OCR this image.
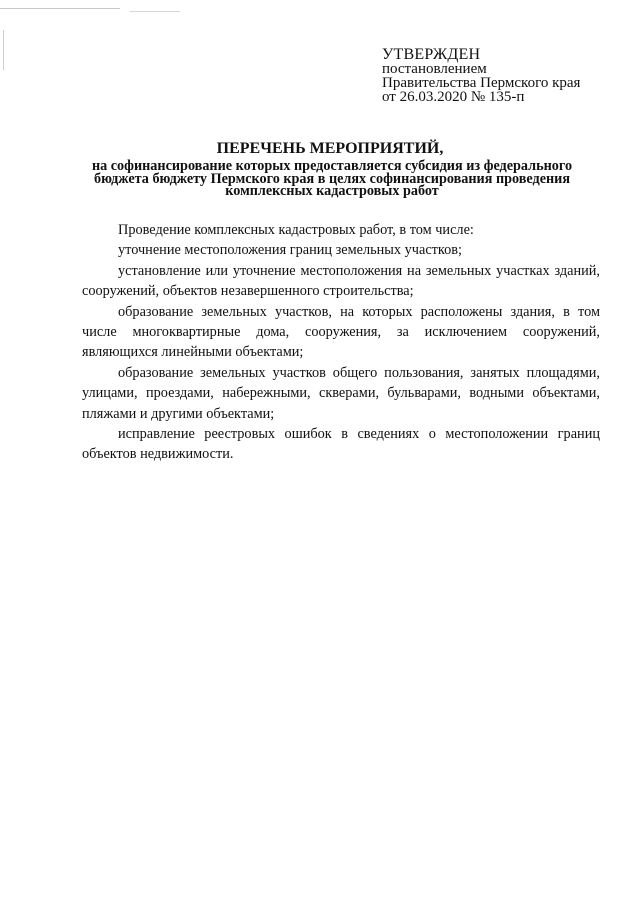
УТВЕРЖДЕН
постановлением
Правительства Пермского края
от 26.03.2020 № 135-п
ПЕРЕЧЕНЬ МЕРОПРИЯТИЙ,
на софинансирование которых предоставляется субсидия из федерального бюджета бюджету Пермского края в целях софинансирования проведения комплексных кадастровых работ

Проведение комплексных кадастровых работ, в том числе:

уточнение местоположения границ земельных участков;

установление или уточнение местоположения на земельных участках зданий, сооружений, объектов незавершенного строительства;

образование земельных участков, на которых расположены здания, в том числе многоквартирные дома, сооружения, за исключением сооружений, являющихся линейными объектами;

образование земельных участков общего пользования, занятых площадями, улицами, проездами, набережными, скверами, бульварами, водными объектами, пляжами и другими объектами;

исправление реестровых ошибок в сведениях о местоположении границ объектов недвижимости.
